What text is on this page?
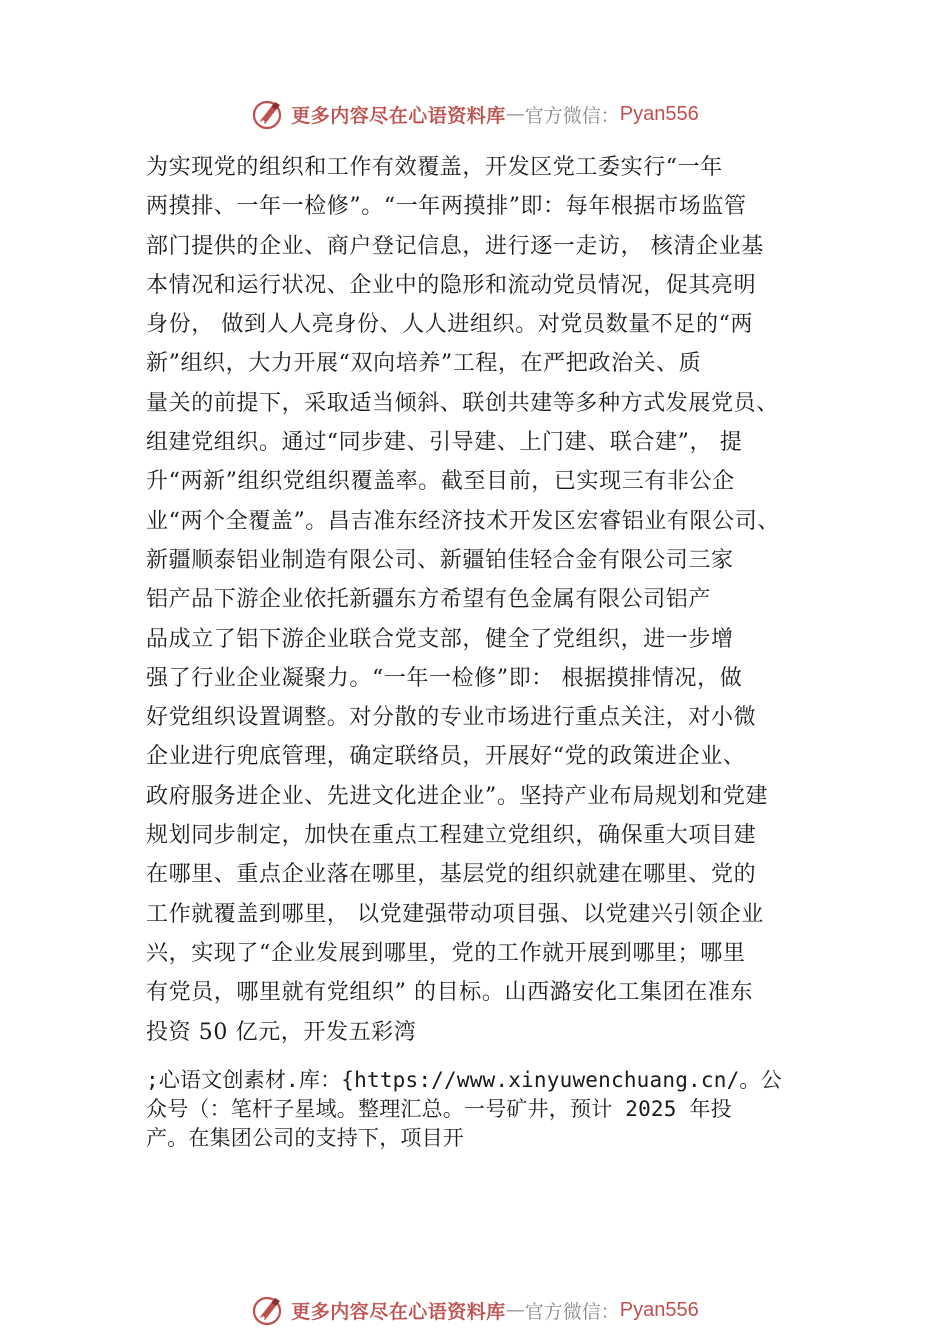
更多内容尽在心语资料库 — 官方微信： Pyan556
为实现党的组织和工作有效覆盖，开发区党工委实行“一年
两摸排、一年一检修”。“一年两摸排”即：每年根据市场监管
部门提供的企业、商户登记信息，进行逐一走访， 核清企业基
本情况和运行状况、企业中的隐形和流动党员情况，促其亮明
身份， 做到人人亮身份、人人进组织。对党员数量不足的“两
新”组织，大力开展“双向培养”工程，在严把政治关、质
量关的前提下，采取适当倾斜、联创共建等多种方式发展党员、
组建党组织。通过“同步建、引导建、上门建、联合建”， 提
升“两新”组织党组织覆盖率。截至目前，已实现三有非公企
业“两个全覆盖”。昌吉准东经济技术开发区宏睿铝业有限公司、
新疆顺泰铝业制造有限公司、新疆铂佳轻合金有限公司三家
铝产品下游企业依托新疆东方希望有色金属有限公司铝产
品成立了铝下游企业联合党支部，健全了党组织，进一步增
强了行业企业凝聚力。“一年一检修”即： 根据摸排情况，做
好党组织设置调整。对分散的专业市场进行重点关注，对小微
企业进行兜底管理，确定联络员，开展好“党的政策进企业、
政府服务进企业、先进文化进企业”。坚持产业布局规划和党建
规划同步制定，加快在重点工程建立党组织，确保重大项目建
在哪里、重点企业落在哪里，基层党的组织就建在哪里、党的
工作就覆盖到哪里， 以党建强带动项目强、以党建兴引领企业
兴，实现了“企业发展到哪里，党的工作就开展到哪里；哪里
有党员，哪里就有党组织” 的目标。山西潞安化工集团在准东
投资 50 亿元，开发五彩湾
;心语文创素材.库：{https://www.xinyuwenchuang.cn/。公
众号（：笔杆子星域。整理汇总。一号矿井，预计 2025 年投
产。在集团公司的支持下，项目开
更多内容尽在心语资料库 — 官方微信： Pyan556
